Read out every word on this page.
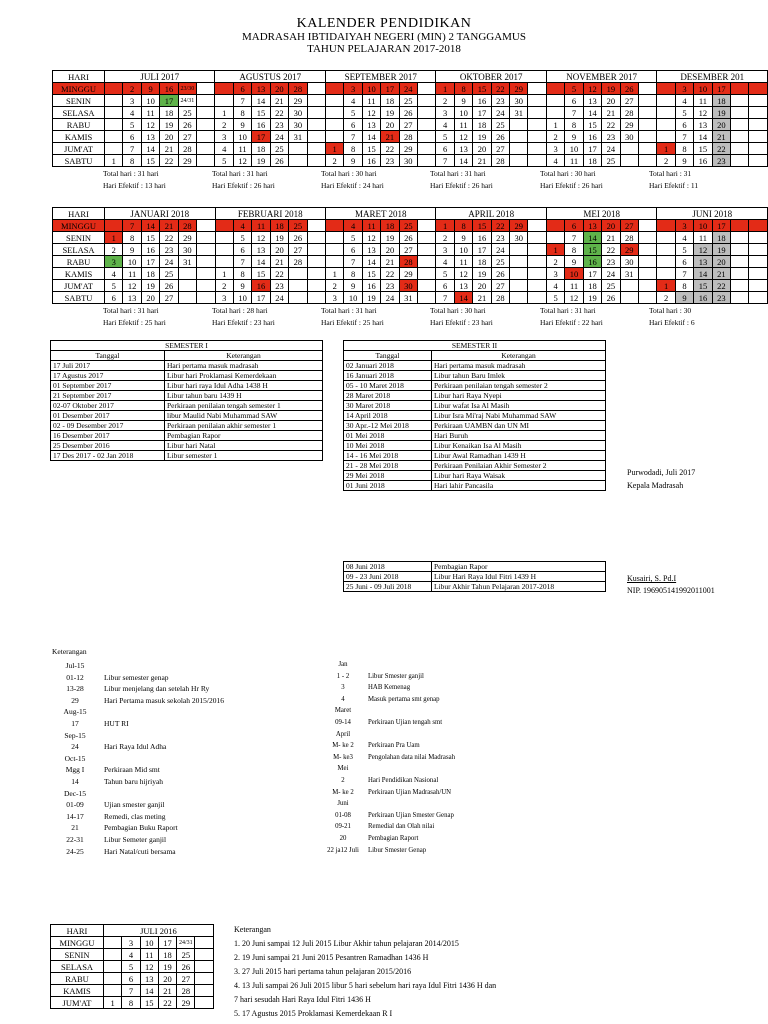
KALENDER PENDIDIKAN
MADRASAH IBTIDAIYAH NEGERI (MIN) 2 TANGGAMUS
TAHUN PELAJARAN 2017-2018
HARI	JULI 2017						AGUSTUS 2017						SEPTEMBER 2017						OKTOBER 2017						NOVEMBER 2017						DESEMBER 201					
MINGGU		2	9	16	23/30			6	13	20	28			3	10	17	24		1	8	15	22	29			5	12	19	26			3	10	17		
SENIN		3	10	17	24/31			7	14	21	29			4	11	18	25		2	9	16	23	30			6	13	20	27			4	11	18		
SELASA		4	11	18	25		1	8	15	22	30			5	12	19	26		3	10	17	24	31			7	14	21	28			5	12	19		
RABU		5	12	19	26		2	9	16	23	30			6	13	20	27		4	11	18	25			1	8	15	22	29			6	13	20		
KAMIS		6	13	20	27		3	10	17	24	31			7	14	21	28		5	12	19	26			2	9	16	23	30			7	14	21		
JUM'AT		7	14	21	28		4	11	18	25			1	8	15	22	29		6	13	20	27			3	10	17	24			1	8	15	22		
SABTU	1	8	15	22	29		5	12	19	26			2	9	16	23	30		7	14	21	28			4	11	18	25			2	9	16	23		
Total hari : 31 hari	Total hari : 31 hari	Total hari : 30 hari	Total hari : 31 hari	Total hari : 30 hari	Total hari : 31
Hari Efektif : 13 hari	Hari Efektif : 26 hari	Hari Efektif : 24 hari	Hari Efektif : 26 hari	Hari Efektif : 26 hari	Hari Efektif : 11
HARI	JANUARI 2018						FEBRUARI 2018						MARET 2018						APRIL 2018						MEI 2018						JUNI 2018					
MINGGU		7	14	21	28			4	11	18	25			4	11	18	25		1	8	15	22	29			6	13	20	27			3	10	17		
SENIN	1	8	15	22	29			5	12	19	26			5	12	19	26		2	9	16	23	30			7	14	21	28			4	11	18		
SELASA	2	9	16	23	30			6	13	20	27			6	13	20	27		3	10	17	24			1	8	15	22	29			5	12	19		
RABU	3	10	17	24	31			7	14	21	28			7	14	21	28		4	11	18	25			2	9	16	23	30			6	13	20		
KAMIS	4	11	18	25			1	8	15	22			1	8	15	22	29		5	12	19	26			3	10	17	24	31			7	14	21		
JUM'AT	5	12	19	26			2	9	16	23			2	9	16	23	30		6	13	20	27			4	11	18	25			1	8	15	22		
SABTU	6	13	20	27			3	10	17	24			3	10	19	24	31		7	14	21	28			5	12	19	26			2	9	16	23		
Total hari : 31 hari	Total hari : 28 hari	Total hari : 31 hari	Total hari : 30 hari	Total hari : 31 hari	Total hari : 30
Hari Efektif : 25 hari	Hari Efektif : 23 hari	Hari Efektif : 25 hari	Hari Efektif : 23 hari	Hari Efektif : 22 hari	Hari Efektif : 6
SEMESTER I	
Tanggal	Keterangan
17 Juli 2017	Hari pertama masuk madrasah
17 Agustus 2017	Libur hari Proklamasi Kemerdekaan
01 September 2017	Libur hari raya Idul Adha 1438 H
21 September 2017	Libur tahun baru 1439 H
02-07 Oktober 2017	Perkiraan penilaian tengah semester 1
01 Desember 2017	libur Maulid Nabi Muhammad SAW
02 - 09 Desember 2017	Perkiraan penilaian akhir semester 1
16 Desember 2017	Pembagian Rapor
25 Desember 2016	Libur hari Natal
17 Des 2017 - 02 Jan 2018	Libur semester 1
SEMESTER II	
Tanggal	Keterangan
02 Januari 2018	Hari pertama masuk madrasah
16 Januari 2018	Libur tahun Baru Imlek
05 - 10 Maret 2018	Perkiraan penilaian tengah semester 2
28 Maret 2018	Libur hari Raya Nyepi
30 Maret 2018	Libur wafat Isa Al Masih
14 April 2018	Libur Isra Mi'raj Nabi Muhammad SAW
30 Apr.-12 Mei 2018	Perkiraan UAMBN dan UN MI
01 Mei 2018	Hari Buruh
10 Mei 2018	Libur Kenaikan Isa Al Masih
14 - 16 Mei 2018	Libur Awal Ramadhan 1439 H
21 - 28 Mei 2018	Perkiraan Penilaian Akhir Semester 2
29 Mei 2018	Libur hari Raya Waisak
01 Juni 2018	Hari lahir Pancasila
08 Juni 2018	Pembagian Rapor
09 - 23 Juni 2018	Libur Hari Raya Idul Fitri 1439 H
25 Juni - 09 Juli 2018	Libur Akhir Tahun Pelajaran 2017-2018
Purwodadi, Juli 2017
Kepala Madrasah
Kusairi, S. Pd.I
NIP. 196905141992011001
Keterangan
Jul-15
01-12	Libur semester genap
13-28	Libur menjelang dan setelah Hr Ry
29	Hari Pertama masuk sekolah 2015/2016
Aug-15
17	HUT RI
Sep-15
24	Hari Raya Idul Adha
Oct-15
Mgg I	Perkiraan Mid smt
14	Tahun baru hijriyah
Dec-15
01-09	Ujian smester ganjil
14-17	Remedi, clas meting
21	Pembagian Buku Raport
22-31	Libur Semeter ganjil
24-25	Hari Natal/cuti bersama
Jan
1 - 2	Libur Smester ganjil
3	HAB Kemenag
4	Masuk pertama smt genap
Maret
09-14	Perkiraan Ujian tengah smt
April
M- ke 2	Perkiraan Pra Uam
M- ke3	Pengolahan data nilai Madrasah
Mei
2	Hari Pendidikan Nasional
M- ke 2	Perkiraan Ujian Madrasah/UN
Juni
01-08	Perkiraan Ujian Smester Genap
09-21	Remedial dan Olah nilai
20	Pembagian Raport
22 ja12 Juli	Libur Smester Genap
HARI	JULI 2016					
MINGGU		3	10	17	24/31	
SENIN		4	11	18	25	
SELASA		5	12	19	26	
RABU		6	13	20	27	
KAMIS		7	14	21	28	
JUM'AT	1	8	15	22	29	
Keterangan
1. 20 Juni sampai 12 Juli 2015 Libur Akhir tahun pelajaran 2014/2015
2. 19 Juni sampai 21 Juni 2015 Pesantren Ramadhan 1436 H
3. 27 Juli 2015 hari pertama tahun pelajaran 2015/2016
4. 13 Juli sampai 26 Juli 2015 libur 5 hari sebelum hari raya Idul Fitri 1436 H dan
7 hari sesudah Hari Raya Idul Fitri 1436 H
5. 17 Agustus 2015 Proklamasi Kemerdekaan R I
